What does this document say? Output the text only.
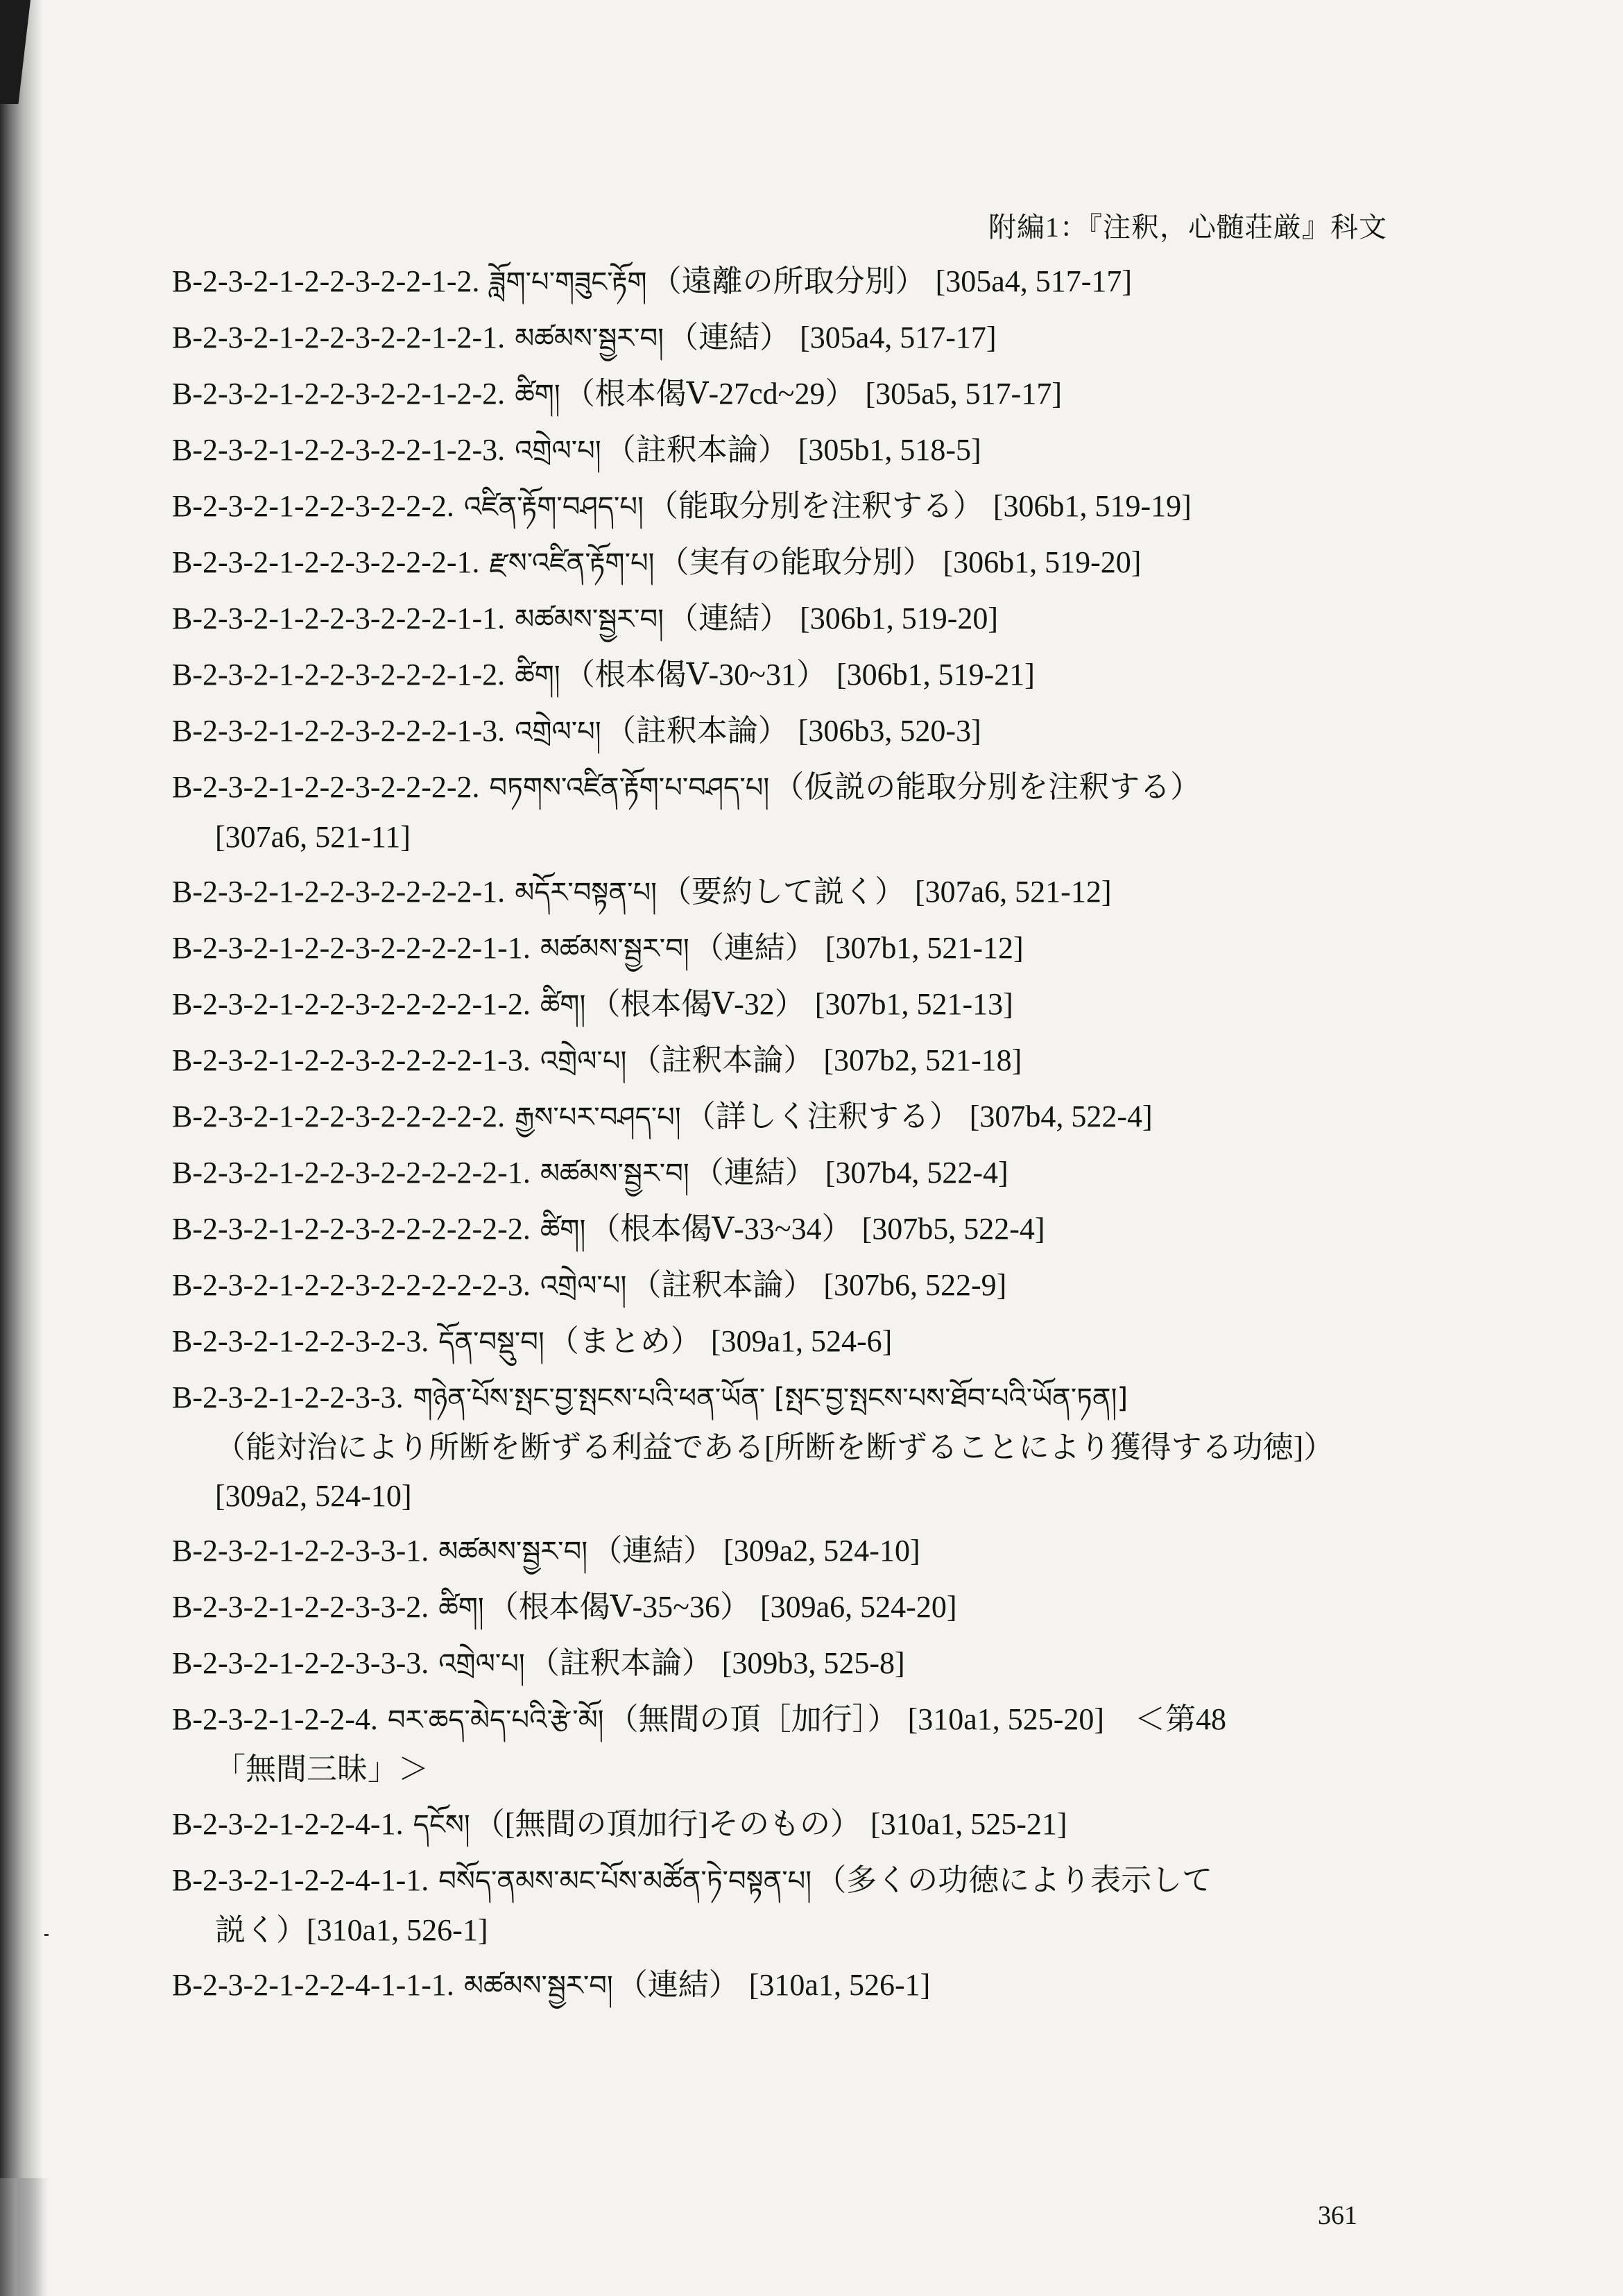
附編1：『注釈，心髄荘厳』科文
B-2-3-2-1-2-2-3-2-2-1-2. ཟློག་པ་གཟུང་རྟོག （遠離の所取分別） [305a4, 517-17]
B-2-3-2-1-2-2-3-2-2-1-2-1. མཚམས་སྦྱར་བ། （連結） [305a4, 517-17]
B-2-3-2-1-2-2-3-2-2-1-2-2. ཚིག། （根本偈Ⅴ-27cd~29） [305a5, 517-17]
B-2-3-2-1-2-2-3-2-2-1-2-3. འགྲེལ་པ། （註釈本論） [305b1, 518-5]
B-2-3-2-1-2-2-3-2-2-2. འཛིན་རྟོག་བཤད་པ། （能取分別を注釈する） [306b1, 519-19]
B-2-3-2-1-2-2-3-2-2-2-1. རྫས་འཛིན་རྟོག་པ། （実有の能取分別） [306b1, 519-20]
B-2-3-2-1-2-2-3-2-2-2-1-1. མཚམས་སྦྱར་བ། （連結） [306b1, 519-20]
B-2-3-2-1-2-2-3-2-2-2-1-2. ཚིག། （根本偈Ⅴ-30~31） [306b1, 519-21]
B-2-3-2-1-2-2-3-2-2-2-1-3. འགྲེལ་པ། （註釈本論） [306b3, 520-3]
B-2-3-2-1-2-2-3-2-2-2-2. བཏགས་འཛིན་རྟོག་པ་བཤད་པ། （仮説の能取分別を注釈する）
[307a6, 521-11]
B-2-3-2-1-2-2-3-2-2-2-2-1. མདོར་བསྟན་པ། （要約して説く） [307a6, 521-12]
B-2-3-2-1-2-2-3-2-2-2-2-1-1. མཚམས་སྦྱར་བ། （連結） [307b1, 521-12]
B-2-3-2-1-2-2-3-2-2-2-2-1-2. ཚིག། （根本偈Ⅴ-32） [307b1, 521-13]
B-2-3-2-1-2-2-3-2-2-2-2-1-3. འགྲེལ་པ། （註釈本論） [307b2, 521-18]
B-2-3-2-1-2-2-3-2-2-2-2-2. རྒྱས་པར་བཤད་པ། （詳しく注釈する） [307b4, 522-4]
B-2-3-2-1-2-2-3-2-2-2-2-2-1. མཚམས་སྦྱར་བ། （連結） [307b4, 522-4]
B-2-3-2-1-2-2-3-2-2-2-2-2-2. ཚིག། （根本偈Ⅴ-33~34） [307b5, 522-4]
B-2-3-2-1-2-2-3-2-2-2-2-2-3. འགྲེལ་པ། （註釈本論） [307b6, 522-9]
B-2-3-2-1-2-2-3-2-3. དོན་བསྡུ་བ། （まとめ） [309a1, 524-6]
B-2-3-2-1-2-2-3-3. གཉེན་པོས་སྤང་བྱ་སྤངས་པའི་ཕན་ཡོན་ [སྤང་བྱ་སྤངས་པས་ཐོབ་པའི་ཡོན་ཏན།]
（能対治により所断を断ずる利益である[所断を断ずることにより獲得する功徳]）
[309a2, 524-10]
B-2-3-2-1-2-2-3-3-1. མཚམས་སྦྱར་བ། （連結） [309a2, 524-10]
B-2-3-2-1-2-2-3-3-2. ཚིག། （根本偈Ⅴ-35~36） [309a6, 524-20]
B-2-3-2-1-2-2-3-3-3. འགྲེལ་པ། （註釈本論） [309b3, 525-8]
B-2-3-2-1-2-2-4. བར་ཆད་མེད་པའི་རྩེ་མོ། （無間の頂［加行］） [310a1, 525-20]　＜第48
「無間三昧」＞
B-2-3-2-1-2-2-4-1. དངོས། （[無間の頂加行]そのもの） [310a1, 525-21]
B-2-3-2-1-2-2-4-1-1. བསོད་ནམས་མང་པོས་མཚོན་ཏེ་བསྟན་པ། （多くの功徳により表示して
説く）[310a1, 526-1]
B-2-3-2-1-2-2-4-1-1-1. མཚམས་སྦྱར་བ། （連結） [310a1, 526-1]
361
